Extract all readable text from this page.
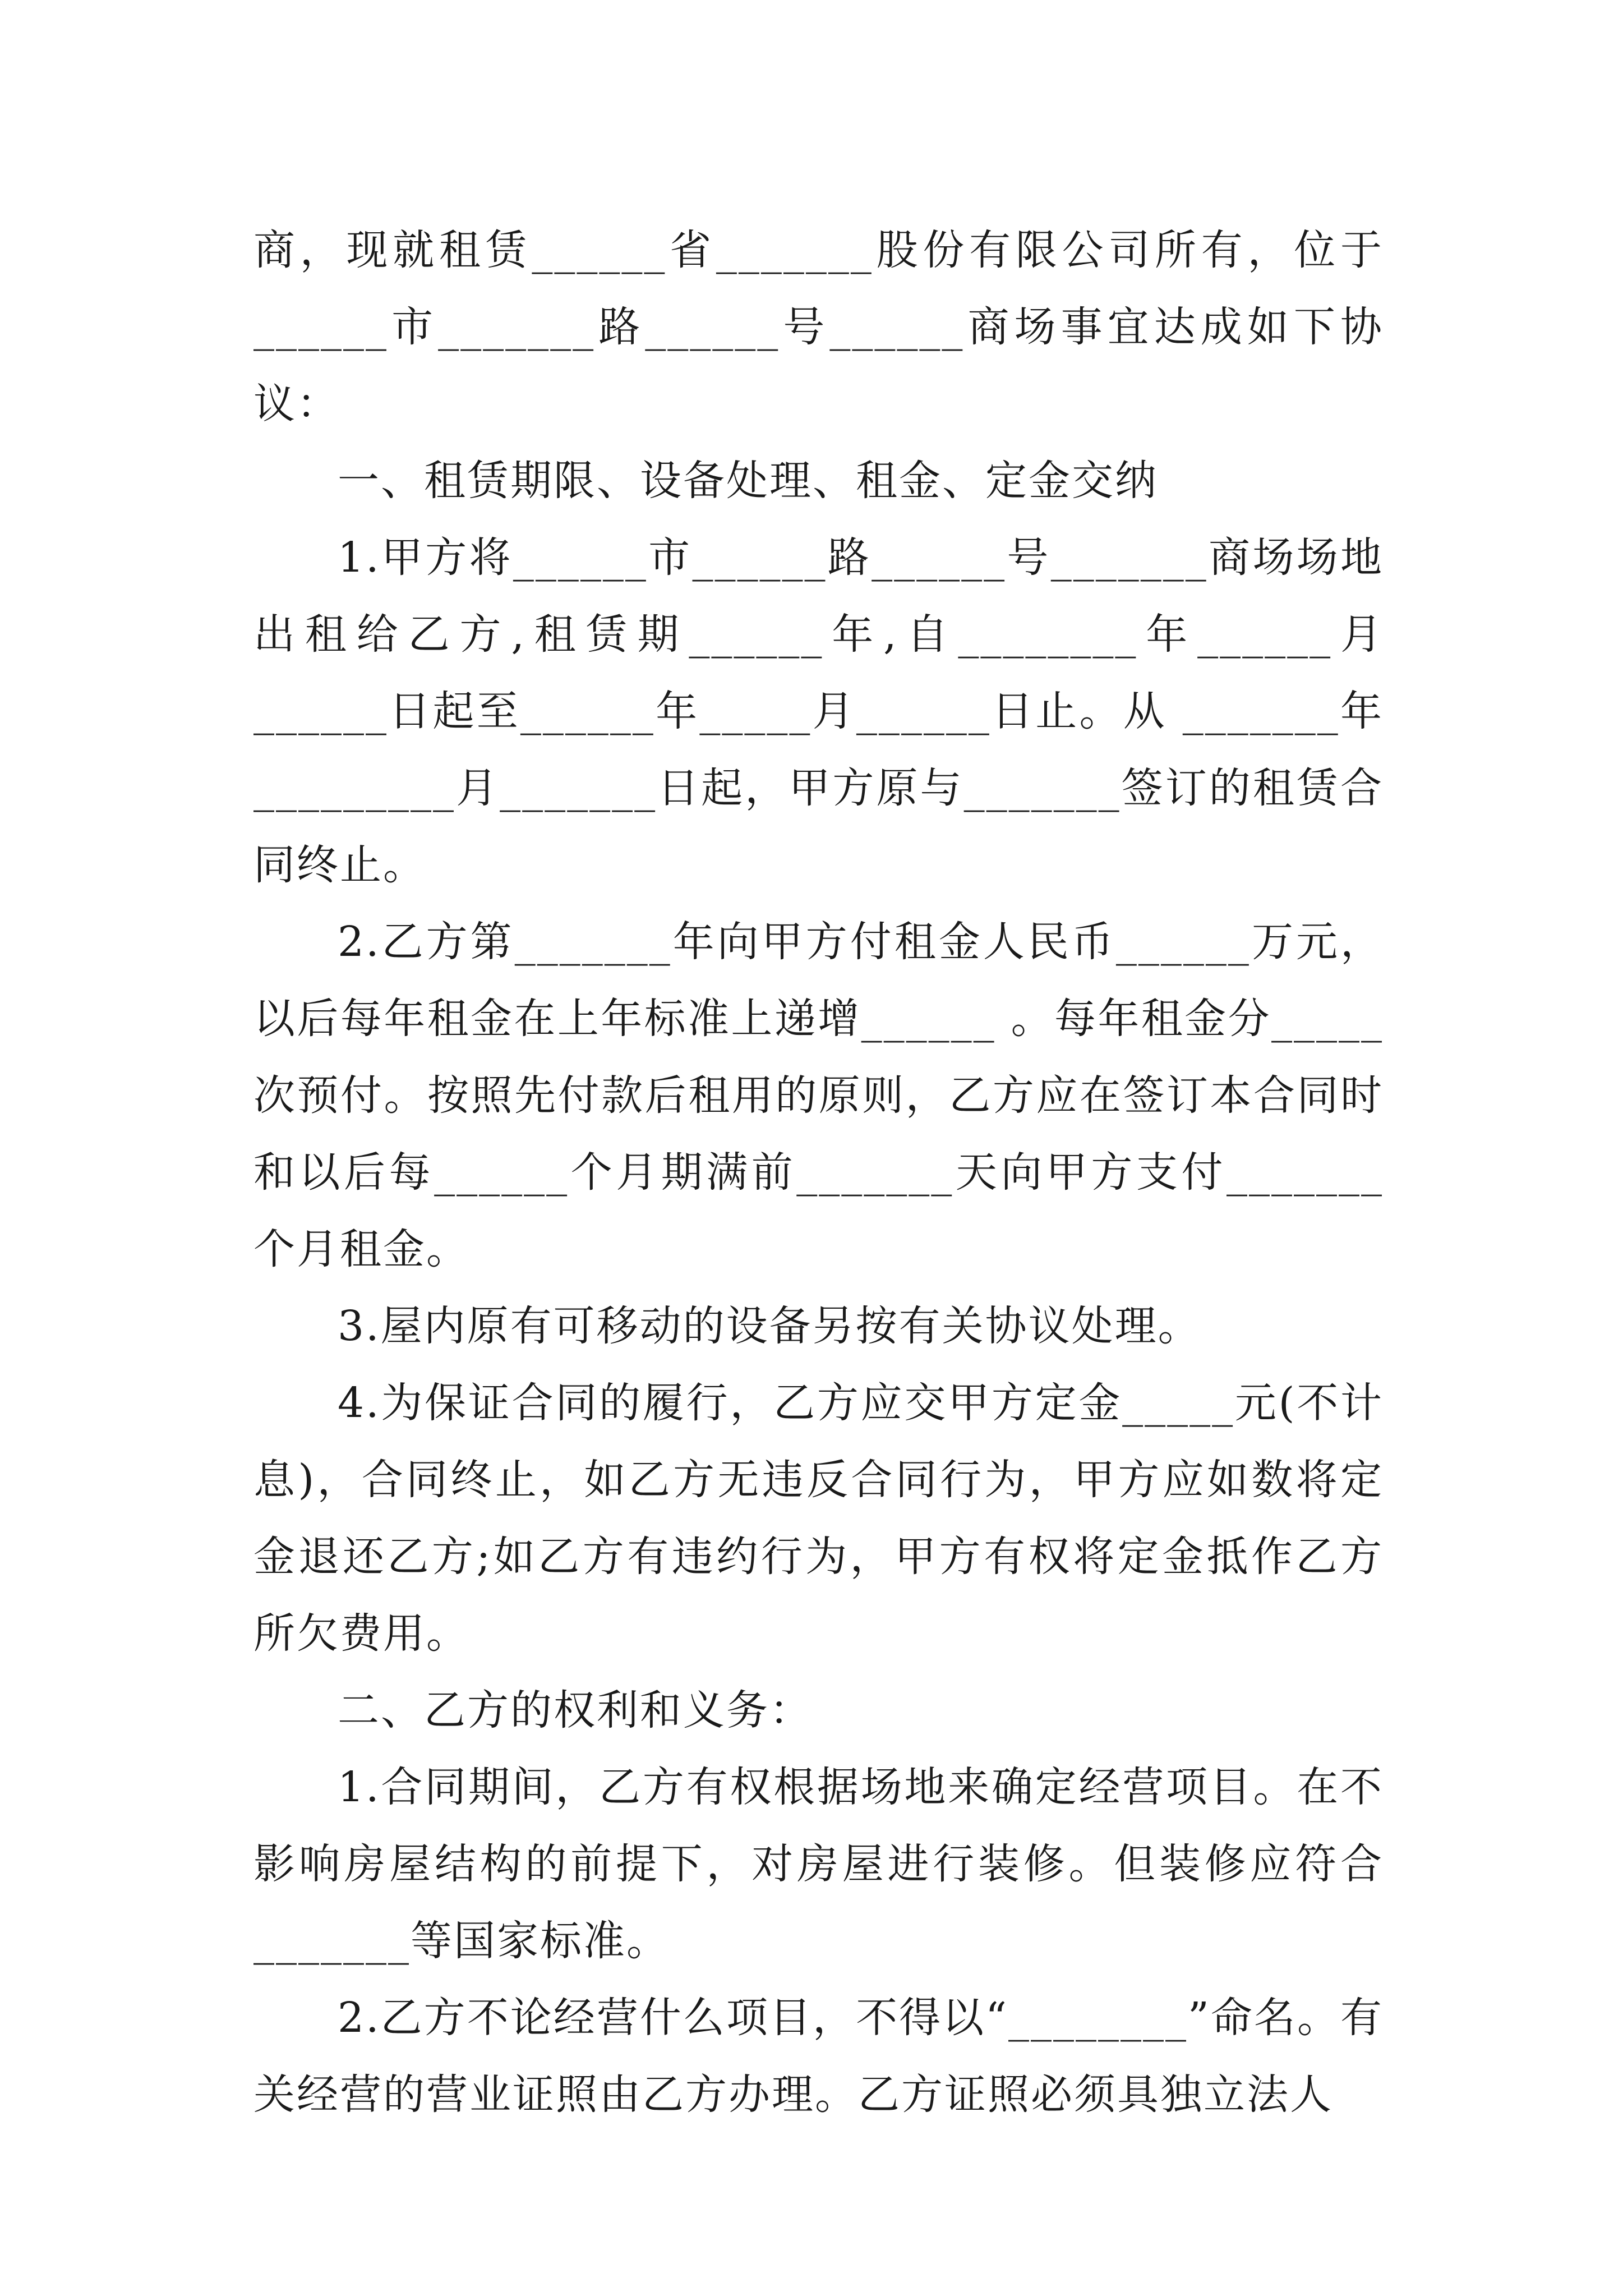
商，现就租赁______省_______股份有限公司所有，位于______市_______路______号______商场事宜达成如下协议：

一、租赁期限、设备处理、租金、定金交纳

1.甲方将______市______路______号_______商场场地出租给乙方,租赁期______年,自________年______月______日起至______年_____月______日止。从 _______年_________月_______日起，甲方原与_______签订的租赁合同终止。

2.乙方第_______年向甲方付租金人民币______万元，以后每年租金在上年标准上递增______ 。每年租金分_____次预付。按照先付款后租用的原则，乙方应在签订本合同时和以后每______个月期满前_______天向甲方支付_______个月租金。

3.屋内原有可移动的设备另按有关协议处理。

4.为保证合同的履行，乙方应交甲方定金_____元(不计息)，合同终止，如乙方无违反合同行为，甲方应如数将定金退还乙方;如乙方有违约行为，甲方有权将定金抵作乙方所欠费用。

二、乙方的权利和义务：

1.合同期间，乙方有权根据场地来确定经营项目。在不影响房屋结构的前提下，对房屋进行装修。但装修应符合_______等国家标准。

2.乙方不论经营什么项目，不得以“________”命名。有关经营的营业证照由乙方办理。乙方证照必须具独立法人
